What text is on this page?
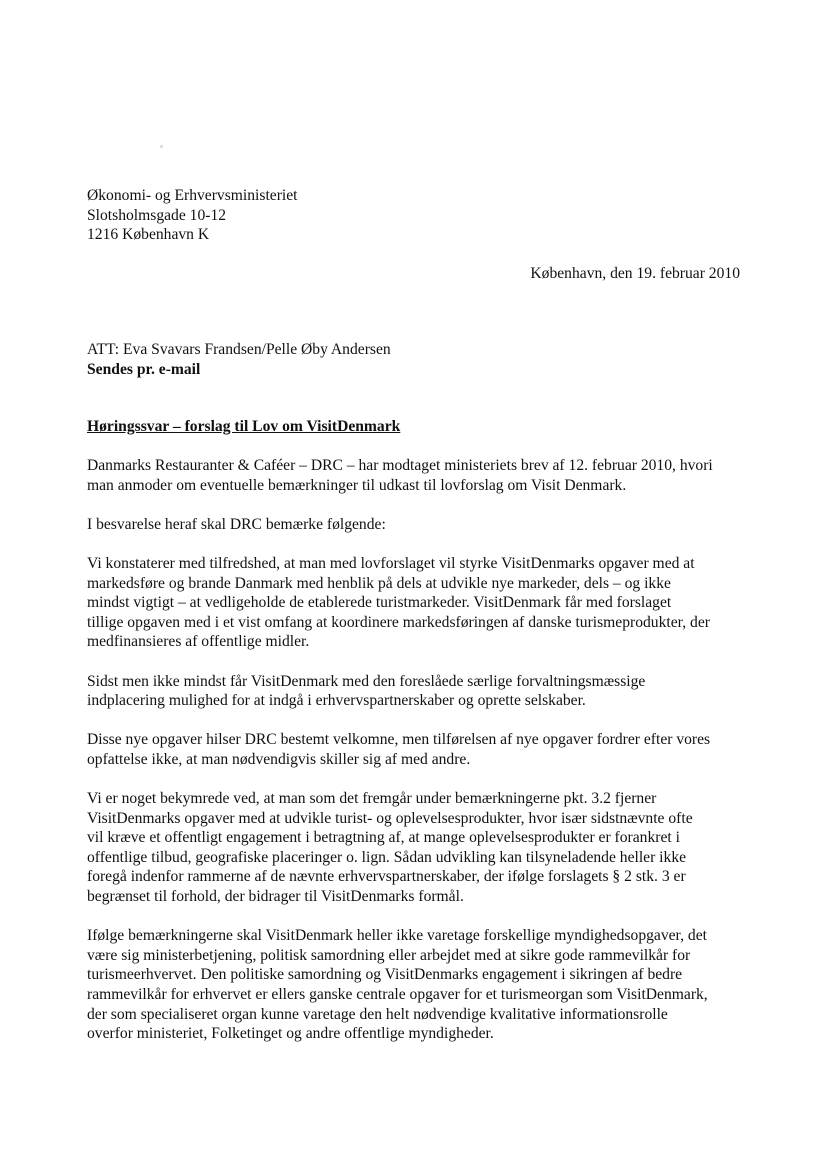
Økonomi- og Erhvervsministeriet
Slotsholmsgade 10-12
1216 København K
København, den 19. februar 2010
ATT: Eva Svavars Frandsen/Pelle Øby Andersen
Sendes pr. e-mail
Høringssvar – forslag til Lov om VisitDenmark
Danmarks Restauranter & Caféer – DRC – har modtaget ministeriets brev af 12. februar 2010, hvori
man anmoder om eventuelle bemærkninger til udkast til lovforslag om Visit Denmark.
I besvarelse heraf skal DRC bemærke følgende:
Vi konstaterer med tilfredshed, at man med lovforslaget vil styrke VisitDenmarks opgaver med at
markedsføre og brande Danmark med henblik på dels at udvikle nye markeder, dels – og ikke
mindst vigtigt – at vedligeholde de etablerede turistmarkeder. VisitDenmark får med forslaget
tillige opgaven med i et vist omfang at koordinere markedsføringen af danske turismeprodukter, der
medfinansieres af offentlige midler.
Sidst men ikke mindst får VisitDenmark med den foreslåede særlige forvaltningsmæssige
indplacering mulighed for at indgå i erhvervspartnerskaber og oprette selskaber.
Disse nye opgaver hilser DRC bestemt velkomne, men tilførelsen af nye opgaver fordrer efter vores
opfattelse ikke, at man nødvendigvis skiller sig af med andre.
Vi er noget bekymrede ved, at man som det fremgår under bemærkningerne pkt. 3.2 fjerner
VisitDenmarks opgaver med at udvikle turist- og oplevelsesprodukter, hvor især sidstnævnte ofte
vil kræve et offentligt engagement i betragtning af, at mange oplevelsesprodukter er forankret i
offentlige tilbud, geografiske placeringer o. lign. Sådan udvikling kan tilsyneladende heller ikke
foregå indenfor rammerne af de nævnte erhvervspartnerskaber, der ifølge forslagets § 2 stk. 3 er
begrænset til forhold, der bidrager til VisitDenmarks formål.
Ifølge bemærkningerne skal VisitDenmark heller ikke varetage forskellige myndighedsopgaver, det
være sig ministerbetjening, politisk samordning eller arbejdet med at sikre gode rammevilkår for
turismeerhvervet. Den politiske samordning og VisitDenmarks engagement i sikringen af bedre
rammevilkår for erhvervet er ellers ganske centrale opgaver for et turismeorgan som VisitDenmark,
der som specialiseret organ kunne varetage den helt nødvendige kvalitative informationsrolle
overfor ministeriet, Folketinget og andre offentlige myndigheder.
